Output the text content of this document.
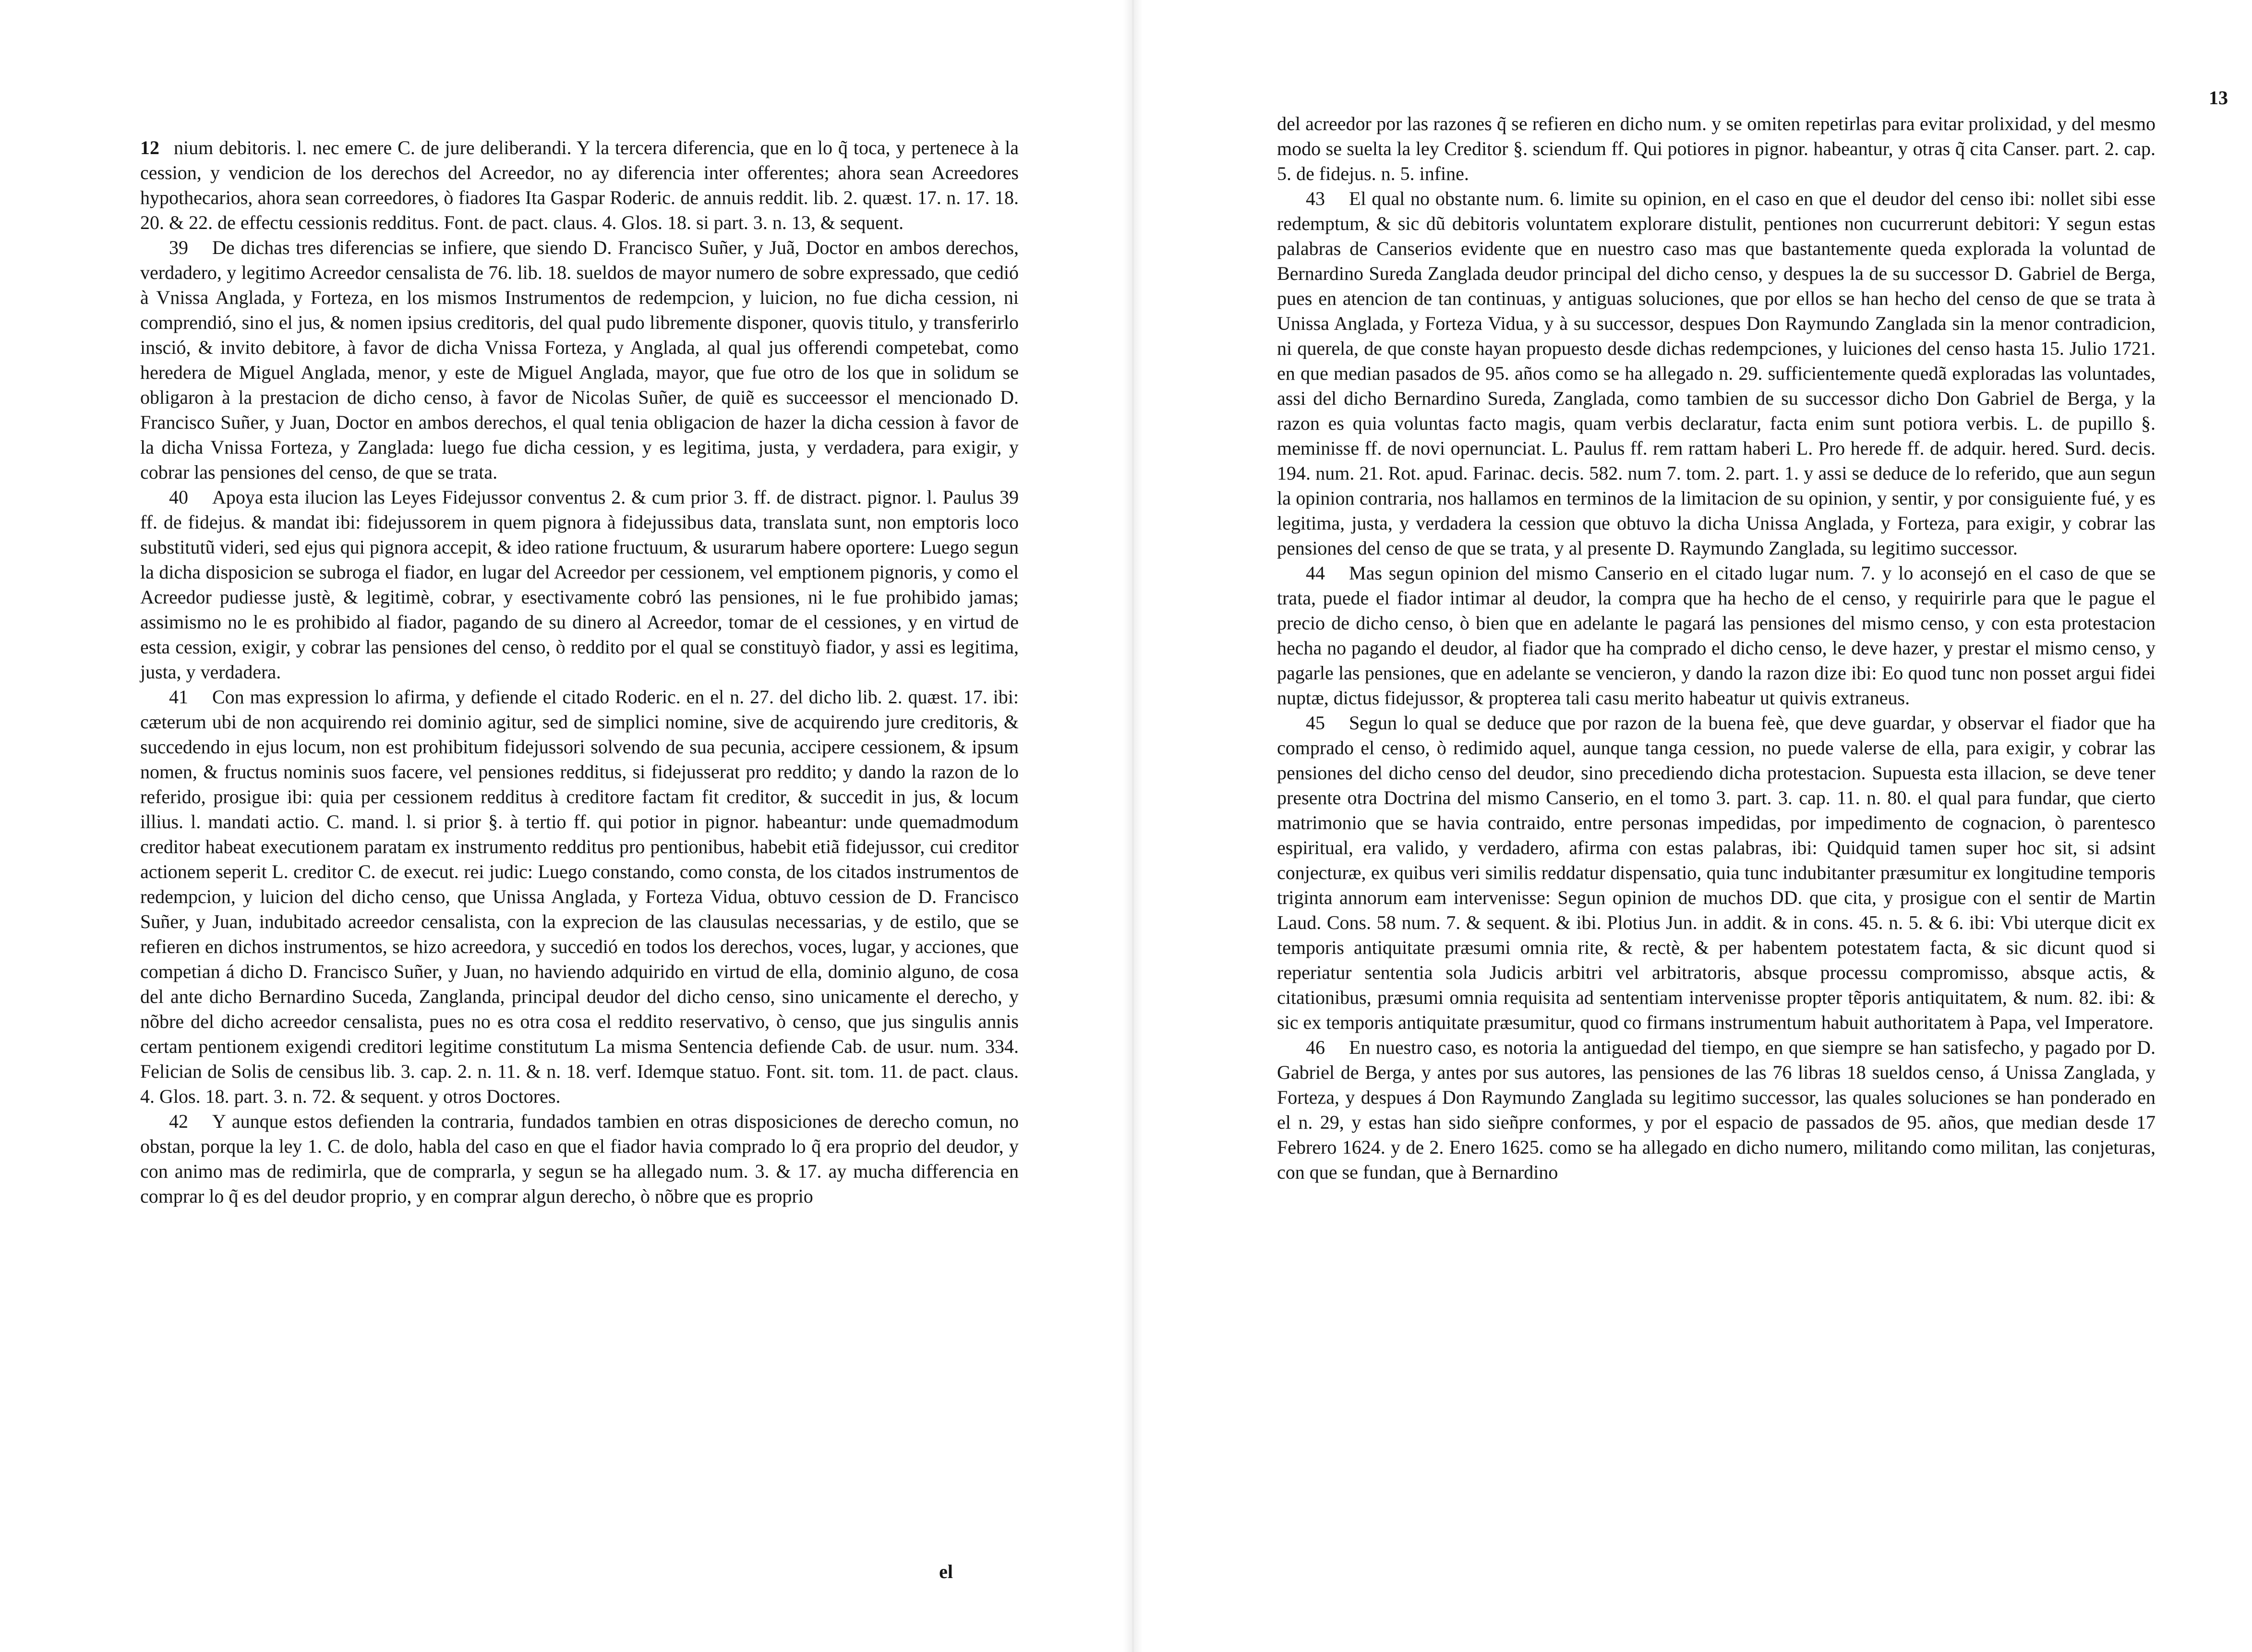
12 nium debitoris. l. nec emere C. de jure deliberandi. Y la tercera diferencia, que en lo q̃ toca, y pertenece à la cession, y vendicion de los derechos del Acreedor, no ay diferencia inter offerentes; ahora sean Acreedores hypothecarios, ahora sean correedores, ò fiadores Ita Gaspar Roderic. de annuis reddit. lib. 2. quæst. 17. n. 17. 18. 20. & 22. de effectu cessionis redditus. Font. de pact. claus. 4. Glos. 18. si part. 3. n. 13, & sequent.

39 De dichas tres diferencias se infiere, que siendo D. Francisco Suñer, y Juã, Doctor en ambos derechos, verdadero, y legitimo Acreedor censalista de 76. lib. 18. sueldos de mayor numero de sobre expressado, que cedió à Vnissa Anglada, y Forteza, en los mismos Instrumentos de redempcion, y luicion, no fue dicha cession, ni comprendió, sino el jus, & nomen ipsius creditoris, del qual pudo libremente disponer, quovis titulo, y transferirlo insció, & invito debitore, à favor de dicha Vnissa Forteza, y Anglada, al qual jus offerendi competebat, como heredera de Miguel Anglada, menor, y este de Miguel Anglada, mayor, que fue otro de los que in solidum se obligaron à la prestacion de dicho censo, à favor de Nicolas Suñer, de quiẽ es succeessor el mencionado D. Francisco Suñer, y Juan, Doctor en ambos derechos, el qual tenia obligacion de hazer la dicha cession à favor de la dicha Vnissa Forteza, y Zanglada: luego fue dicha cession, y es legitima, justa, y verdadera, para exigir, y cobrar las pensiones del censo, de que se trata.

40 Apoya esta ilucion las Leyes Fidejussor conventus 2. & cum prior 3. ff. de distract. pignor. l. Paulus 39 ff. de fidejus. & mandat ibi: fidejussorem in quem pignora à fidejussibus data, translata sunt, non emptoris loco substitutũ videri, sed ejus qui pignora accepit, & ideo ratione fructuum, & usurarum habere oportere: Luego segun la dicha disposicion se subroga el fiador, en lugar del Acreedor per cessionem, vel emptionem pignoris, y como el Acreedor pudiesse justè, & legitimè, cobrar, y esectivamente cobró las pensiones, ni le fue prohibido jamas; assimismo no le es prohibido al fiador, pagando de su dinero al Acreedor, tomar de el cessiones, y en virtud de esta cession, exigir, y cobrar las pensiones del censo, ò reddito por el qual se constituyò fiador, y assi es legitima, justa, y verdadera.

41 Con mas expression lo afirma, y defiende el citado Roderic. en el n. 27. del dicho lib. 2. quæst. 17. ibi: cæterum ubi de non acquirendo rei dominio agitur, sed de simplici nomine, sive de acquirendo jure creditoris, & succedendo in ejus locum, non est prohibitum fidejussori solvendo de sua pecunia, accipere cessionem, & ipsum nomen, & fructus nominis suos facere, vel pensiones redditus, si fidejusserat pro reddito; y dando la razon de lo referido, prosigue ibi: quia per cessionem redditus à creditore factam fit creditor, & succedit in jus, & locum illius. l. mandati actio. C. mand. l. si prior §. à tertio ff. qui potior in pignor. habeantur: unde quemadmodum creditor habeat executionem paratam ex instrumento redditus pro pentionibus, habebit etiã fidejussor, cui creditor actionem seperit L. creditor C. de execut. rei judic: Luego constando, como consta, de los citados instrumentos de redempcion, y luicion del dicho censo, que Unissa Anglada, y Forteza Vidua, obtuvo cession de D. Francisco Suñer, y Juan, indubitado acreedor censalista, con la exprecion de las clausulas necessarias, y de estilo, que se refieren en dichos instrumentos, se hizo acreedora, y succedió en todos los derechos, voces, lugar, y acciones, que competian á dicho D. Francisco Suñer, y Juan, no haviendo adquirido en virtud de ella, dominio alguno, de cosa del ante dicho Bernardino Suceda, Zanglanda, principal deudor del dicho censo, sino unicamente el derecho, y nõbre del dicho acreedor censalista, pues no es otra cosa el reddito reservativo, ò censo, que jus singulis annis certam pentionem exigendi creditori legitime constitutum La misma Sentencia defiende Cab. de usur. num. 334. Felician de Solis de censibus lib. 3. cap. 2. n. 11. & n. 18. verf. Idemque statuo. Font. sit. tom. 11. de pact. claus. 4. Glos. 18. part. 3. n. 72. & sequent. y otros Doctores.

42 Y aunque estos defienden la contraria, fundados tambien en otras disposiciones de derecho comun, no obstan, porque la ley 1. C. de dolo, habla del caso en que el fiador havia comprado lo q̃ era proprio del deudor, y con animo mas de redimirla, que de comprarla, y segun se ha allegado num. 3. & 17. ay mucha differencia en comprar lo q̃ es del deudor proprio, y en comprar algun derecho, ò nõbre que es proprio

el
13

del acreedor por las razones q̃ se refieren en dicho num. y se omiten repetirlas para evitar prolixidad, y del mesmo modo se suelta la ley Creditor §. sciendum ff. Qui potiores in pignor. habeantur, y otras q̃ cita Canser. part. 2. cap. 5. de fidejus. n. 5. infine.

43 El qual no obstante num. 6. limite su opinion, en el caso en que el deudor del censo ibi: nollet sibi esse redemptum, & sic dũ debitoris voluntatem explorare distulit, pentiones non cucurrerunt debitori: Y segun estas palabras de Canserios evidente que en nuestro caso mas que bastantemente queda explorada la voluntad de Bernardino Sureda Zanglada deudor principal del dicho censo, y despues la de su successor D. Gabriel de Berga, pues en atencion de tan continuas, y antiguas soluciones, que por ellos se han hecho del censo de que se trata à Unissa Anglada, y Forteza Vidua, y à su successor, despues Don Raymundo Zanglada sin la menor contradicion, ni querela, de que conste hayan propuesto desde dichas redempciones, y luiciones del censo hasta 15. Julio 1721. en que median pasados de 95. años como se ha allegado n. 29. sufficientemente quedã exploradas las voluntades, assi del dicho Bernardino Sureda, Zanglada, como tambien de su successor dicho Don Gabriel de Berga, y la razon es quia voluntas facto magis, quam verbis declaratur, facta enim sunt potiora verbis. L. de pupillo §. meminisse ff. de novi opernunciat. L. Paulus ff. rem rattam haberi L. Pro herede ff. de adquir. hered. Surd. decis. 194. num. 21. Rot. apud. Farinac. decis. 582. num 7. tom. 2. part. 1. y assi se deduce de lo referido, que aun segun la opinion contraria, nos hallamos en terminos de la limitacion de su opinion, y sentir, y por consiguiente fué, y es legitima, justa, y verdadera la cession que obtuvo la dicha Unissa Anglada, y Forteza, para exigir, y cobrar las pensiones del censo de que se trata, y al presente D. Raymundo Zanglada, su legitimo successor.

44 Mas segun opinion del mismo Canserio en el citado lugar num. 7. y lo aconsejó en el caso de que se trata, puede el fiador intimar al deudor, la compra que ha hecho de el censo, y requirirle para que le pague el precio de dicho censo, ò bien que en adelante le pagará las pensiones del mismo censo, y con esta protestacion hecha no pagando el deudor, al fiador que ha comprado el dicho censo, le deve hazer, y prestar el mismo censo, y pagarle las pensiones, que en adelante se vencieron, y dando la razon dize ibi: Eo quod tunc non posset argui fidei nuptæ, dictus fidejussor, & propterea tali casu merito habeatur ut quivis extraneus.

45 Segun lo qual se deduce que por razon de la buena feè, que deve guardar, y observar el fiador que ha comprado el censo, ò redimido aquel, aunque tanga cession, no puede valerse de ella, para exigir, y cobrar las pensiones del dicho censo del deudor, sino precediendo dicha protestacion. Supuesta esta illacion, se deve tener presente otra Doctrina del mismo Canserio, en el tomo 3. part. 3. cap. 11. n. 80. el qual para fundar, que cierto matrimonio que se havia contraido, entre personas impedidas, por impedimento de cognacion, ò parentesco espiritual, era valido, y verdadero, afirma con estas palabras, ibi: Quidquid tamen super hoc sit, si adsint conjecturæ, ex quibus veri similis reddatur dispensatio, quia tunc indubitanter præsumitur ex longitudine temporis triginta annorum eam intervenisse: Segun opinion de muchos DD. que cita, y prosigue con el sentir de Martin Laud. Cons. 58 num. 7. & sequent. & ibi. Plotius Jun. in addit. & in cons. 45. n. 5. & 6. ibi: Vbi uterque dicit ex temporis antiquitate præsumi omnia rite, & rectè, & per habentem potestatem facta, & sic dicunt quod si reperiatur sententia sola Judicis arbitri vel arbitratoris, absque processu compromisso, absque actis, & citationibus, præsumi omnia requisita ad sententiam intervenisse propter tẽporis antiquitatem, & num. 82. ibi: & sic ex temporis antiquitate præsumitur, quod co firmans instrumentum habuit authoritatem à Papa, vel Imperatore.

46 En nuestro caso, es notoria la antiguedad del tiempo, en que siempre se han satisfecho, y pagado por D. Gabriel de Berga, y antes por sus autores, las pensiones de las 76 libras 18 sueldos censo, á Unissa Zanglada, y Forteza, y despues á Don Raymundo Zanglada su legitimo successor, las quales soluciones se han ponderado en el n. 29, y estas han sido sieñpre conformes, y por el espacio de passados de 95. años, que median desde 17 Febrero 1624. y de 2. Enero 1625. como se ha allegado en dicho numero, militando como militan, las conjeturas, con que se fundan, que à Bernardino
